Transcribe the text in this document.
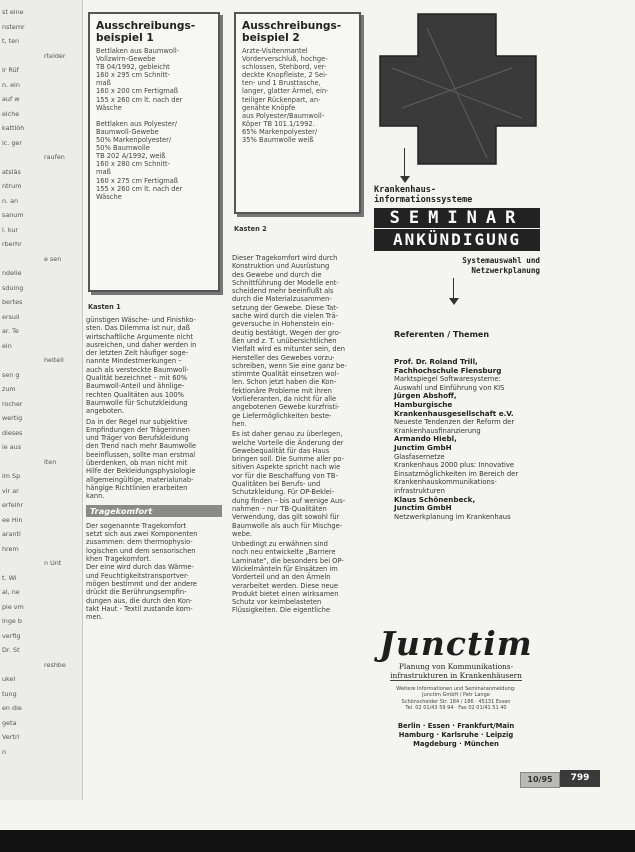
st eine
nstemr
t, ten
rtelder
ir Rüf
n. ein
auf w
elche
kattlöh
ic. ger
raufen
atsläs
ntrum
n. an
sanum
l. kur
rberhr
e sen
ndelie
sduing
bertes
ersuil
ar. Te
ein
heiteil
sen g
zum
rocher
wertig
dieses
ie aus
iten
im Sp
vir ar
erfelhr
ee Hin
aranti
hrem
n Unt
t. Wi
al, ne
pie vm
inge b
verfig
Dr. St
reshbe
ukel
tung
en die
geta
Vertri
n
Ausschreibungs-
beispiel 1

Bettlaken aus Baumwoll-
Vollzwirn-Gewebe
TB 04/1992, gebleicht
160 x 295 cm Schnitt-
maß
160 x 200 cm Fertigmaß
155 x 260 cm lt. nach der
Wäsche

Bettlaken aus Polyester/
Baumwoll-Gewebe
50% Markenpolyester/
50% Baumwolle
TB 202 A/1992, weiß
160 x 280 cm Schnitt-
maß
160 x 275 cm Fertigmaß
155 x 260 cm lt. nach der
Wäsche

Kasten 1

günstigen Wäsche- und Finishko-
sten. Das Dilemma ist nur, daß
wirtschaftliche Argumente nicht
ausreichen, und daher werden in
der letzten Zeit häufiger soge-
nannte Mindestmerkungen –
auch als versteckte Baumwoll-
Qualität bezeichnet – mit 60%
Baumwoll-Anteil und ähnlige-
rechten Qualitäten aus 100%
Baumwolle für Schutzkleidung
angeboten.

Da in der Regel nur subjektive
Empfindungen der Trägerinnen
und Träger von Berufskleidung
den Trend nach mehr Baumwolle
beeinflussen, sollte man erstmal
überdenken, ob man nicht mit
Hilfe der Bekleidungsphysiologie
allgemeingültige, materialunab-
hängige Richtlinien erarbeiten
kann.

Tragekomfort

Der sogenannte Tragekomfort
setzt sich aus zwei Komponenten
zusammen: dem thermophysio-
logischen und dem sensorischen
khen Tragekomfort.
Der eine wird durch das Wärme-
und Feuchtigkeitstransportver-
mögen bestimmt und der andere
drückt die Berührungsempfin-
dungen aus, die durch den Kon-
takt Haut - Textil zustande kom-
men.

Ausschreibungs-
beispiel 2

Arzte-Visitenmantel
Vorderverschluß, hochge-
schlossen, Stehbord, ver-
deckte Knopfleiste, 2 Sei-
ten- und 1 Brusttasche,
langer, glatter Ärmel, ein-
teiliger Rückenpart, an-
genähte Knöpfe
aus Polyester/Baumwoll-
Köper TB 101.1/1992.
65% Markenpolyester/
35% Baumwolle weiß

Kasten 2

Dieser Tragekomfort wird durch
Konstruktion und Ausrüstung
des Gewebe und durch die
Schnittführung der Modelle ent-
scheidend mehr beeinflußt als
durch die Materialzusammen-
setzung der Gewebe. Diese Tat-
sache wird durch die vielen Trä-
geversuche in Hohenstein ein-
deutig bestätigt. Wegen der gro-
ßen und z. T. unübersichtlichen
Vielfalt wird es mitunter sein, den
Hersteller des Gewebes vorzu-
schreiben, wenn Sie eine ganz be-
stimmte Qualität einsetzen wol-
len. Schon jetzt haben die Kon-
fektionäre Probleme mit ihren
Vorlieferanten, da nicht für alle
angebotenen Gewebe kurzfristi-
ge Liefermöglichkeiten beste-
hen.

Es ist daher genau zu überlegen,
welche Vorteile die Änderung der
Gewebequalität für das Haus
bringen soll. Die Summe aller po-
sitiven Aspekte spricht nach wie
vor für die Beschaffung von TB-
Qualitäten bei Berufs- und
Schutzkleidung. Für OP-Beklei-
dung finden – bis auf wenige Aus-
nahmen – nur TB-Qualitäten
Verwendung, das gilt sowohl für
Baumwolle als auch für Mischge-
webe.

Unbedingt zu erwähnen sind
noch neu entwickelte „Barriere
Laminate", die besonders bei OP-
Wickelmänteln für Einsätzen im
Vorderteil und an den Ärmeln
verarbeitet werden. Diese neue
Produkt bietet einen wirksamen
Schutz vor keimbelasteten
Flüssigkeiten. Die eigentliche

Krankenhaus-
informationssysteme
SEMINAR
ANKÜNDIGUNG
Systemauswahl und
Netzwerkplanung
Referenten / Themen

Prof. Dr. Roland Trill,

Fachhochschule Flensburg

Marktspiegel Softwaresysteme:

Auswahl und Einführung von KIS

Jürgen Abshoff,

Hamburgische

Krankenhausgesellschaft e.V.

Neueste Tendenzen der Reform der

Krankenhausfinanzierung

Armando Hiebl,

Junctim GmbH

Glasfasernetze

Krankenhaus 2000 plus: Innovative

Einsatzmöglichkeiten im Bereich der

Krankenhauskommunikations-

infrastrukturen

Klaus Schönenbeck,

Junctim GmbH

Netzwerkplanung im Krankenhaus

Junctim
Planung von Kommunikations-
infrastrukturen in Krankenhäusern
Weitere Informationen und Seminaranmeldung:
Junctim GmbH / Petr Lange
Schönscheider Str. 184 / 186 · 45131 Essen
Tel. 02 01/43 59 94 · Fax 02 01/41 51 40
Berlin · Essen · Frankfurt/Main
Hamburg · Karlsruhe · Leipzig
Magdeburg · München
10/95	799
